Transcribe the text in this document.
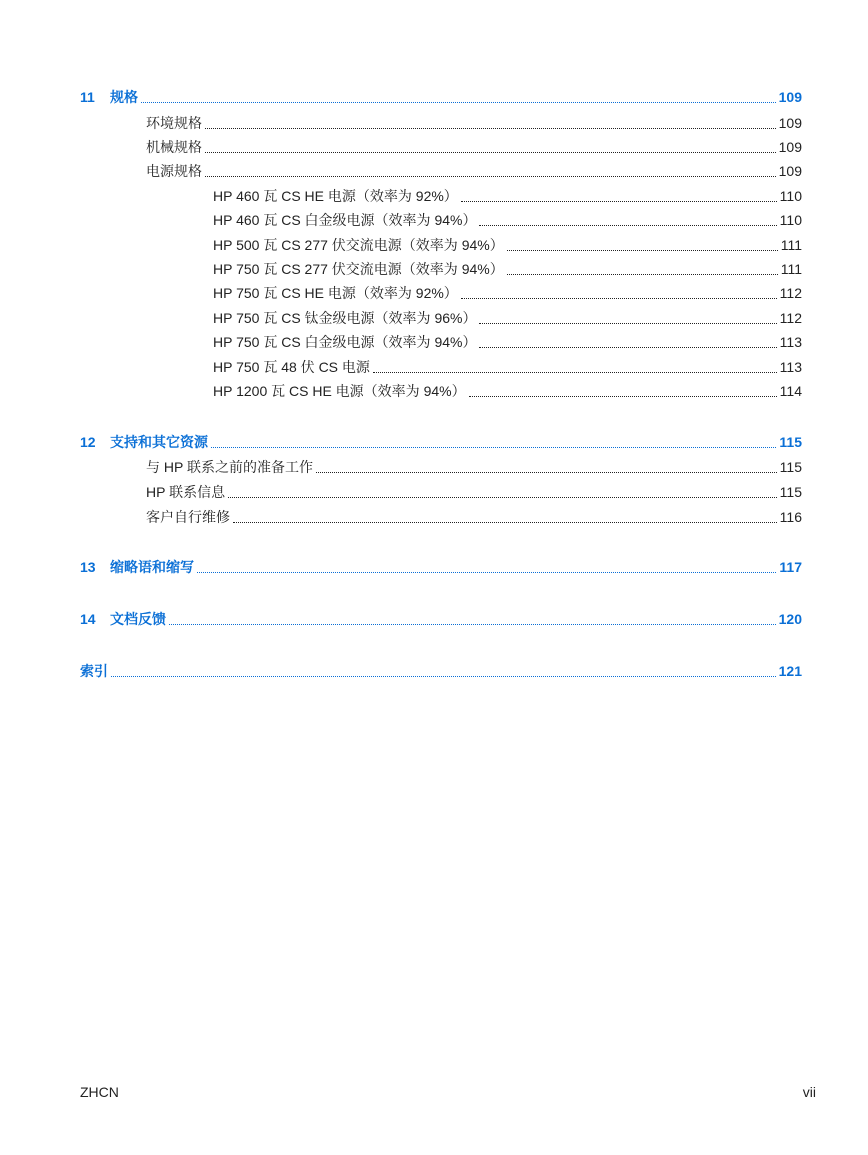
11	规格	109
环境规格	109
机械规格	109
电源规格	109
HP 460 瓦 CS HE 电源（效率为 92%）	110
HP 460 瓦 CS 白金级电源（效率为 94%）	110
HP 500 瓦 CS 277 伏交流电源（效率为 94%）	111
HP 750 瓦 CS 277 伏交流电源（效率为 94%）	111
HP 750 瓦 CS HE 电源（效率为 92%）	112
HP 750 瓦 CS 钛金级电源（效率为 96%）	112
HP 750 瓦 CS 白金级电源（效率为 94%）	113
HP 750 瓦 48 伏 CS 电源	113
HP 1200 瓦 CS HE 电源（效率为 94%）	114
12	支持和其它资源	115
与 HP 联系之前的准备工作	115
HP 联系信息	115
客户自行维修	116
13	缩略语和缩写	117
14	文档反馈	120
索引	121
ZHCN	vii
